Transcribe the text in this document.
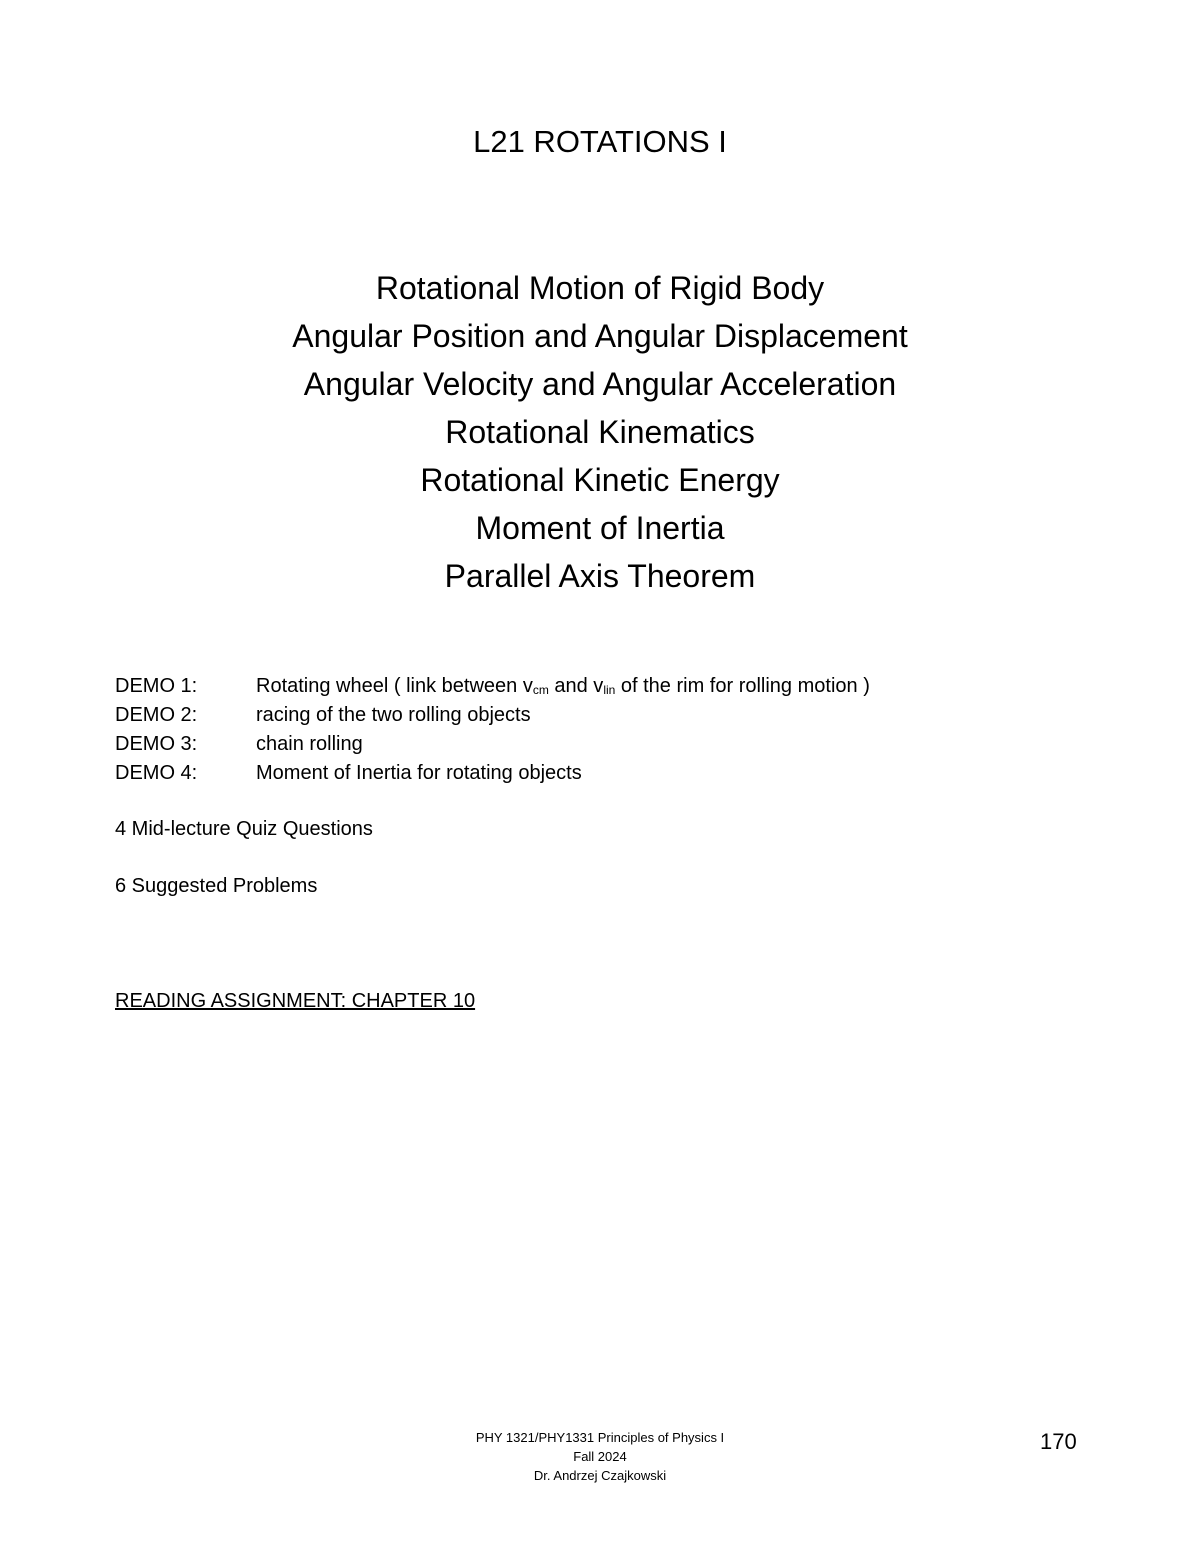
L21 ROTATIONS I
Rotational Motion of Rigid Body
Angular Position and Angular Displacement
Angular Velocity and Angular Acceleration
Rotational Kinematics
Rotational Kinetic Energy
Moment of Inertia
Parallel Axis Theorem
DEMO 1:	Rotating wheel ( link between $v_{cm}$ and $v_{lin}$ of the rim for rolling motion )
DEMO 2:	racing of the two rolling objects
DEMO 3:	chain rolling
DEMO 4:	Moment of Inertia for rotating objects
4 Mid-lecture Quiz Questions
6 Suggested Problems
READING ASSIGNMENT: CHAPTER 10
PHY 1321/PHY1331 Principles of Physics I
Fall 2024
Dr. Andrzej Czajkowski
170
